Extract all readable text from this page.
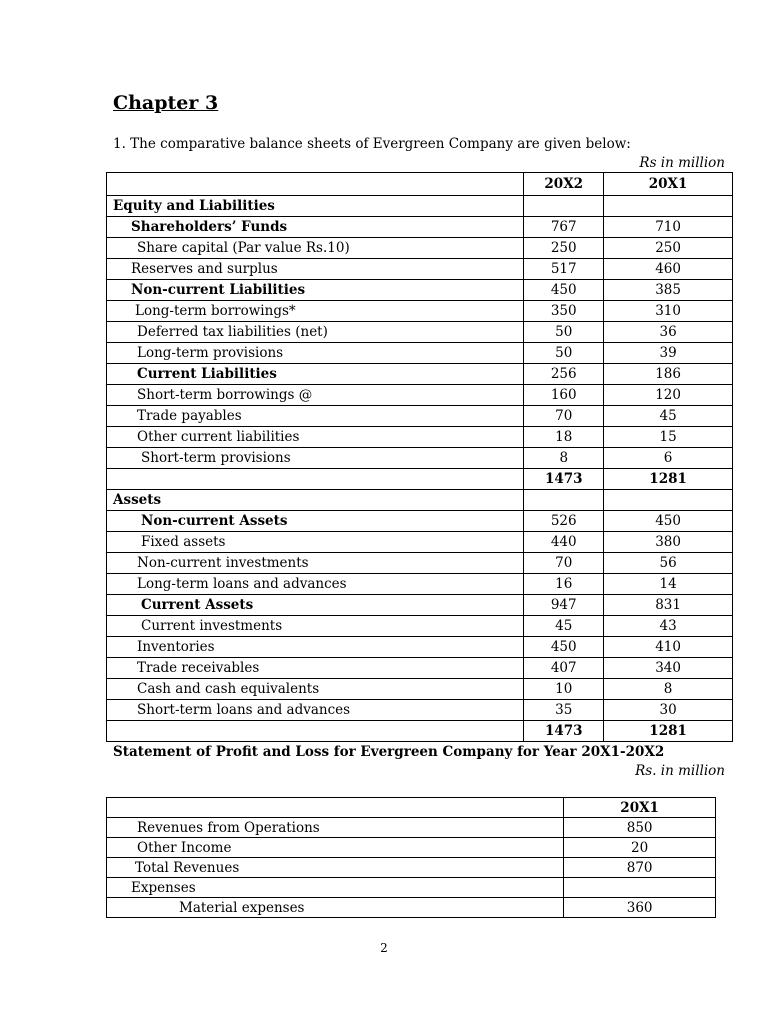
Chapter 3
1. The comparative balance sheets of Evergreen Company are given below:
Rs in million
	20X2	20X1
Equity and Liabilities		
Shareholders’ Funds	767	710
Share capital (Par value Rs.10)	250	250
Reserves and surplus	517	460
Non-current Liabilities	450	385
Long-term borrowings*	350	310
Deferred tax liabilities (net)	50	36
Long-term provisions	50	39
Current Liabilities	256	186
Short-term borrowings @	160	120
Trade payables	70	45
Other current liabilities	18	15
Short-term provisions	8	6
	1473	1281
Assets		
Non-current Assets	526	450
Fixed assets	440	380
Non-current investments	70	56
Long-term loans and advances	16	14
Current Assets	947	831
Current investments	45	43
Inventories	450	410
Trade receivables	407	340
Cash and cash equivalents	10	8
Short-term loans and advances	35	30
	1473	1281
Statement of Profit and Loss for Evergreen Company for Year 20X1-20X2
Rs. in million
	20X1
Revenues from Operations	850
Other Income	20
Total Revenues	870
Expenses	
Material expenses	360
2
